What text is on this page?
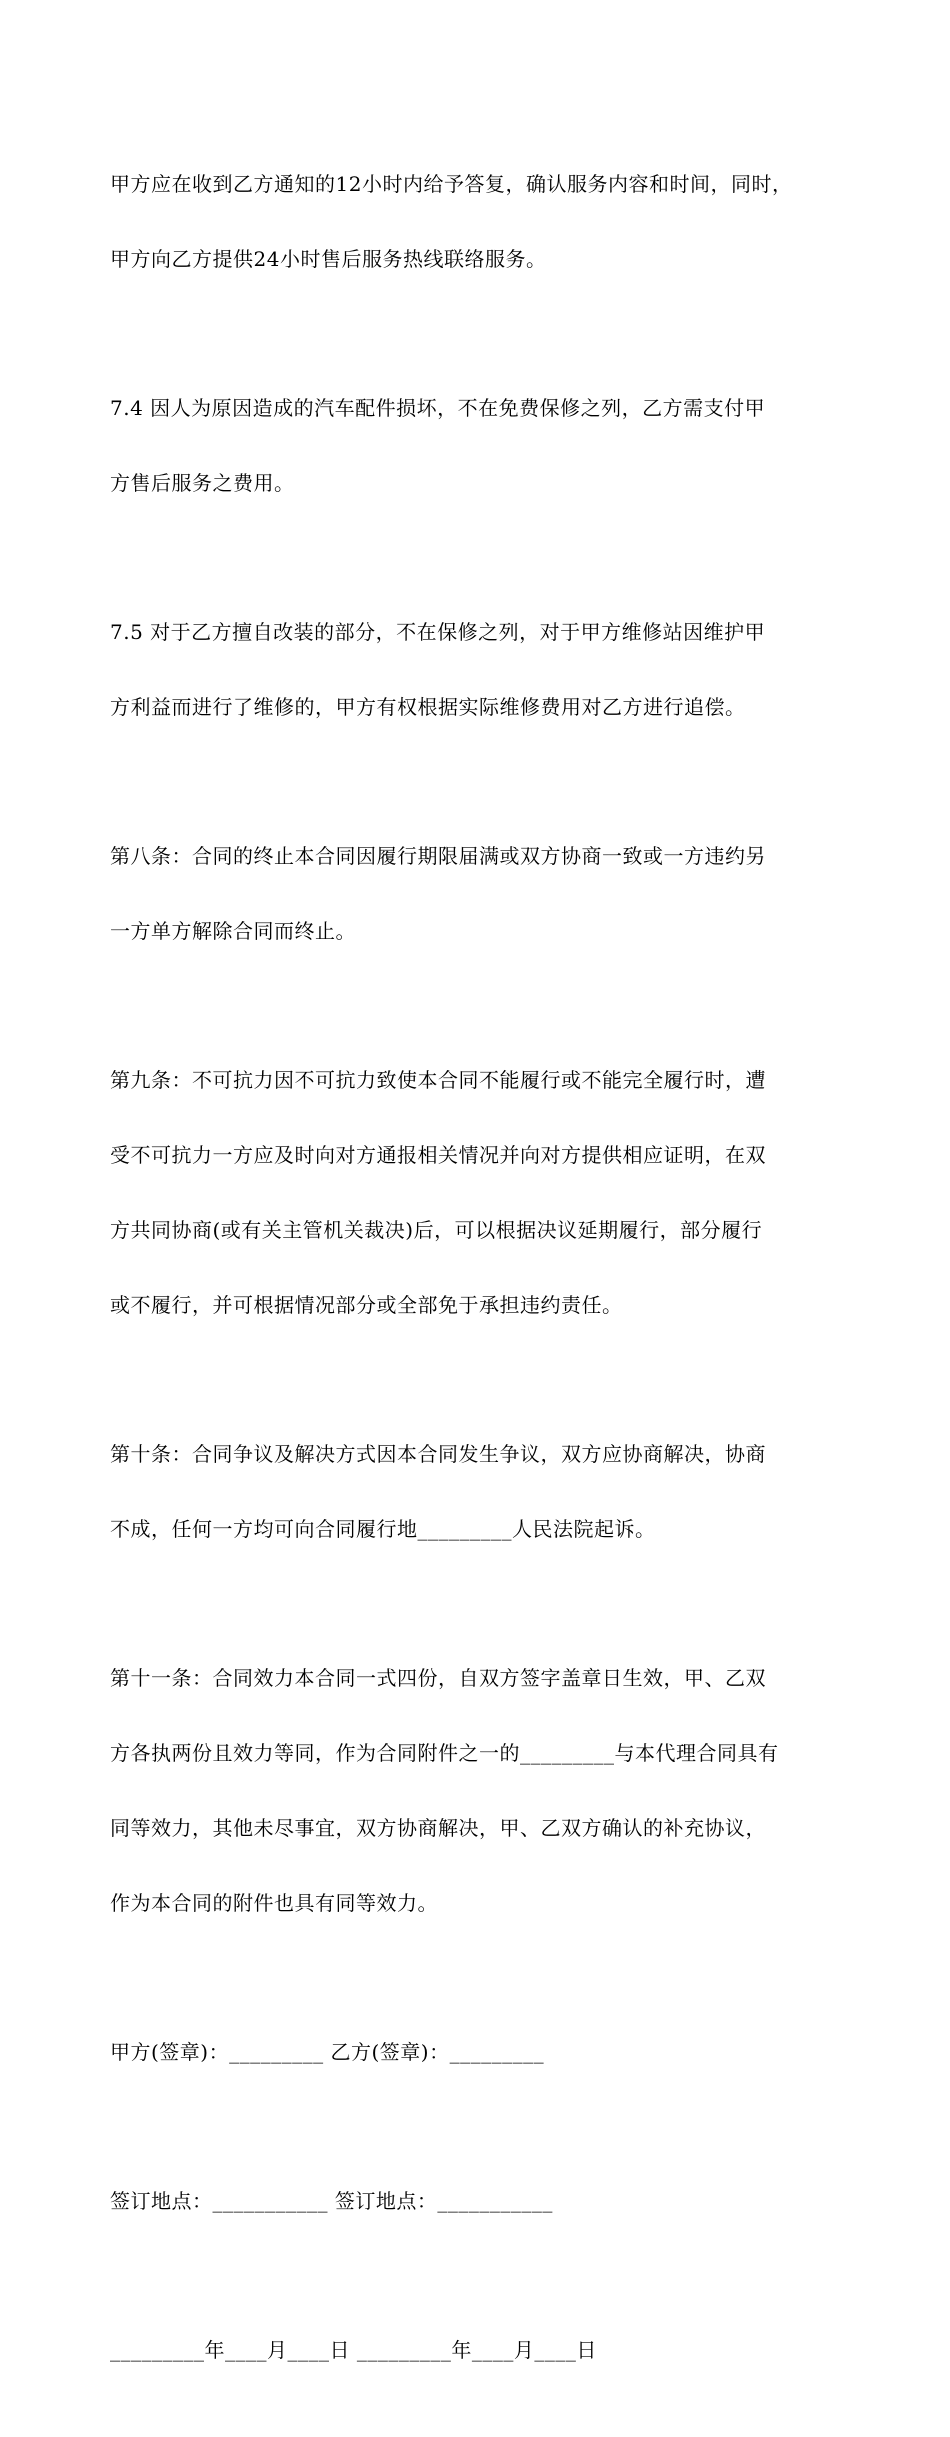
甲方应在收到乙方通知的12小时内给予答复，确认服务内容和时间，同时，

甲方向乙方提供24小时售后服务热线联络服务。

7.4 因人为原因造成的汽车配件损坏，不在免费保修之列，乙方需支付甲

方售后服务之费用。

7.5 对于乙方擅自改装的部分，不在保修之列，对于甲方维修站因维护甲

方利益而进行了维修的，甲方有权根据实际维修费用对乙方进行追偿。

第八条：合同的终止本合同因履行期限届满或双方协商一致或一方违约另

一方单方解除合同而终止。

第九条：不可抗力因不可抗力致使本合同不能履行或不能完全履行时，遭

受不可抗力一方应及时向对方通报相关情况并向对方提供相应证明，在双

方共同协商(或有关主管机关裁决)后，可以根据决议延期履行，部分履行

或不履行，并可根据情况部分或全部免于承担违约责任。

第十条：合同争议及解决方式因本合同发生争议，双方应协商解决，协商

不成，任何一方均可向合同履行地_________人民法院起诉。

第十一条：合同效力本合同一式四份，自双方签字盖章日生效，甲、乙双

方各执两份且效力等同，作为合同附件之一的_________与本代理合同具有

同等效力，其他未尽事宜，双方协商解决，甲、乙双方确认的补充协议，

作为本合同的附件也具有同等效力。

甲方(签章)：_________ 乙方(签章)：_________

签订地点：___________ 签订地点：___________

_________年____月____日 _________年____月____日
